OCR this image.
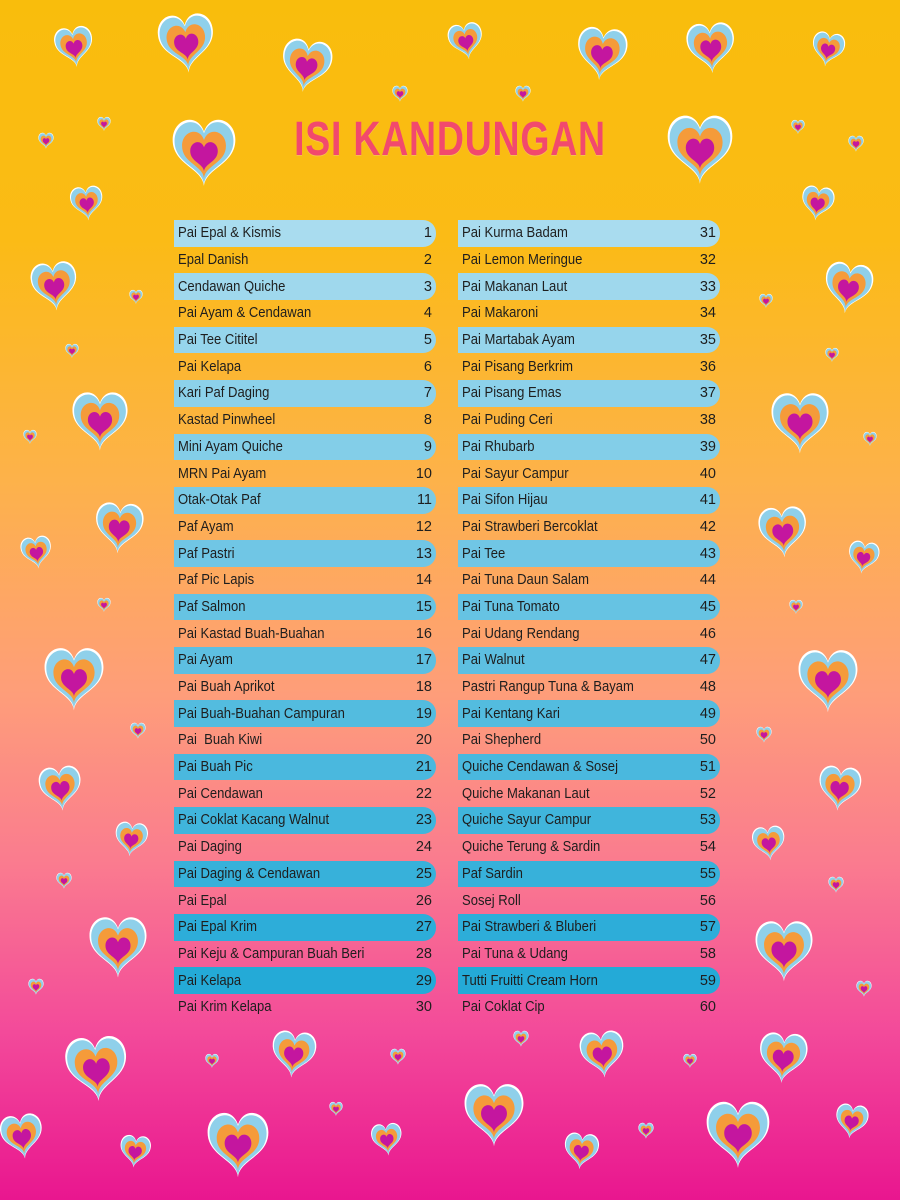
ISI KANDUNGAN
Pai Epal & Kismis	1
Epal Danish	2
Cendawan Quiche	3
Pai Ayam & Cendawan	4
Pai Tee Cititel	5
Pai Kelapa	6
Kari Paf Daging	7
Kastad Pinwheel	8
Mini Ayam Quiche	9
MRN Pai Ayam	10
Otak-Otak Paf	11
Paf Ayam	12
Paf Pastri	13
Paf Pic Lapis	14
Paf Salmon	15
Pai Kastad Buah-Buahan	16
Pai Ayam	17
Pai Buah Aprikot	18
Pai Buah-Buahan Campuran	19
Pai  Buah Kiwi	20
Pai Buah Pic	21
Pai Cendawan	22
Pai Coklat Kacang Walnut	23
Pai Daging	24
Pai Daging & Cendawan	25
Pai Epal	26
Pai Epal Krim	27
Pai Keju & Campuran Buah Beri	28
Pai Kelapa	29
Pai Krim Kelapa	30
Pai Kurma Badam	31
Pai Lemon Meringue	32
Pai Makanan Laut	33
Pai Makaroni	34
Pai Martabak Ayam	35
Pai Pisang Berkrim	36
Pai Pisang Emas	37
Pai Puding Ceri	38
Pai Rhubarb	39
Pai Sayur Campur	40
Pai Sifon Hijau	41
Pai Strawberi Bercoklat	42
Pai Tee	43
Pai Tuna Daun Salam	44
Pai Tuna Tomato	45
Pai Udang Rendang	46
Pai Walnut	47
Pastri Rangup Tuna & Bayam	48
Pai Kentang Kari	49
Pai Shepherd	50
Quiche Cendawan & Sosej	51
Quiche Makanan Laut	52
Quiche Sayur Campur	53
Quiche Terung & Sardin	54
Paf Sardin	55
Sosej Roll	56
Pai Strawberi & Bluberi	57
Pai Tuna & Udang	58
Tutti Fruitti Cream Horn	59
Pai Coklat Cip	60
